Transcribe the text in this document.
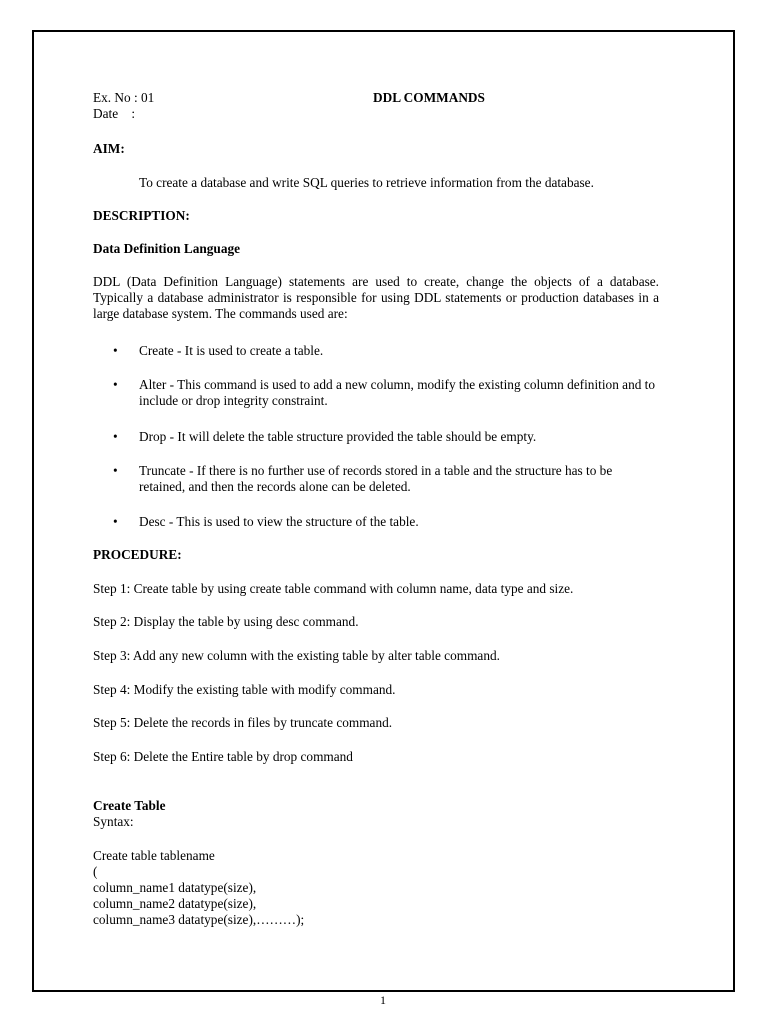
Ex. No : 01	DDL COMMANDS
Date    :
AIM:
To create a database and write SQL queries to retrieve information from the database.
DESCRIPTION:
Data Definition Language
DDL (Data Definition Language) statements are used to create, change the objects of a database. Typically a database administrator is responsible for using DDL statements or production databases in a large database system. The commands used are:
• Create - It is used to create a table.
• Alter - This command is used to add a new column, modify the existing column definition and to include or drop integrity constraint.
• Drop - It will delete the table structure provided the table should be empty.
• Truncate - If there is no further use of records stored in a table and the structure has to be retained, and then the records alone can be deleted.
• Desc - This is used to view the structure of the table.
PROCEDURE:
Step 1: Create table by using create table command with column name, data type and size.
Step 2: Display the table by using desc command.
Step 3: Add any new column with the existing table by alter table command.
Step 4: Modify the existing table with modify command.
Step 5: Delete the records in files by truncate command.
Step 6: Delete the Entire table by drop command
Create Table
Syntax:
Create table tablename
(
column_name1 datatype(size),
column_name2 datatype(size),
column_name3 datatype(size),………);
1
